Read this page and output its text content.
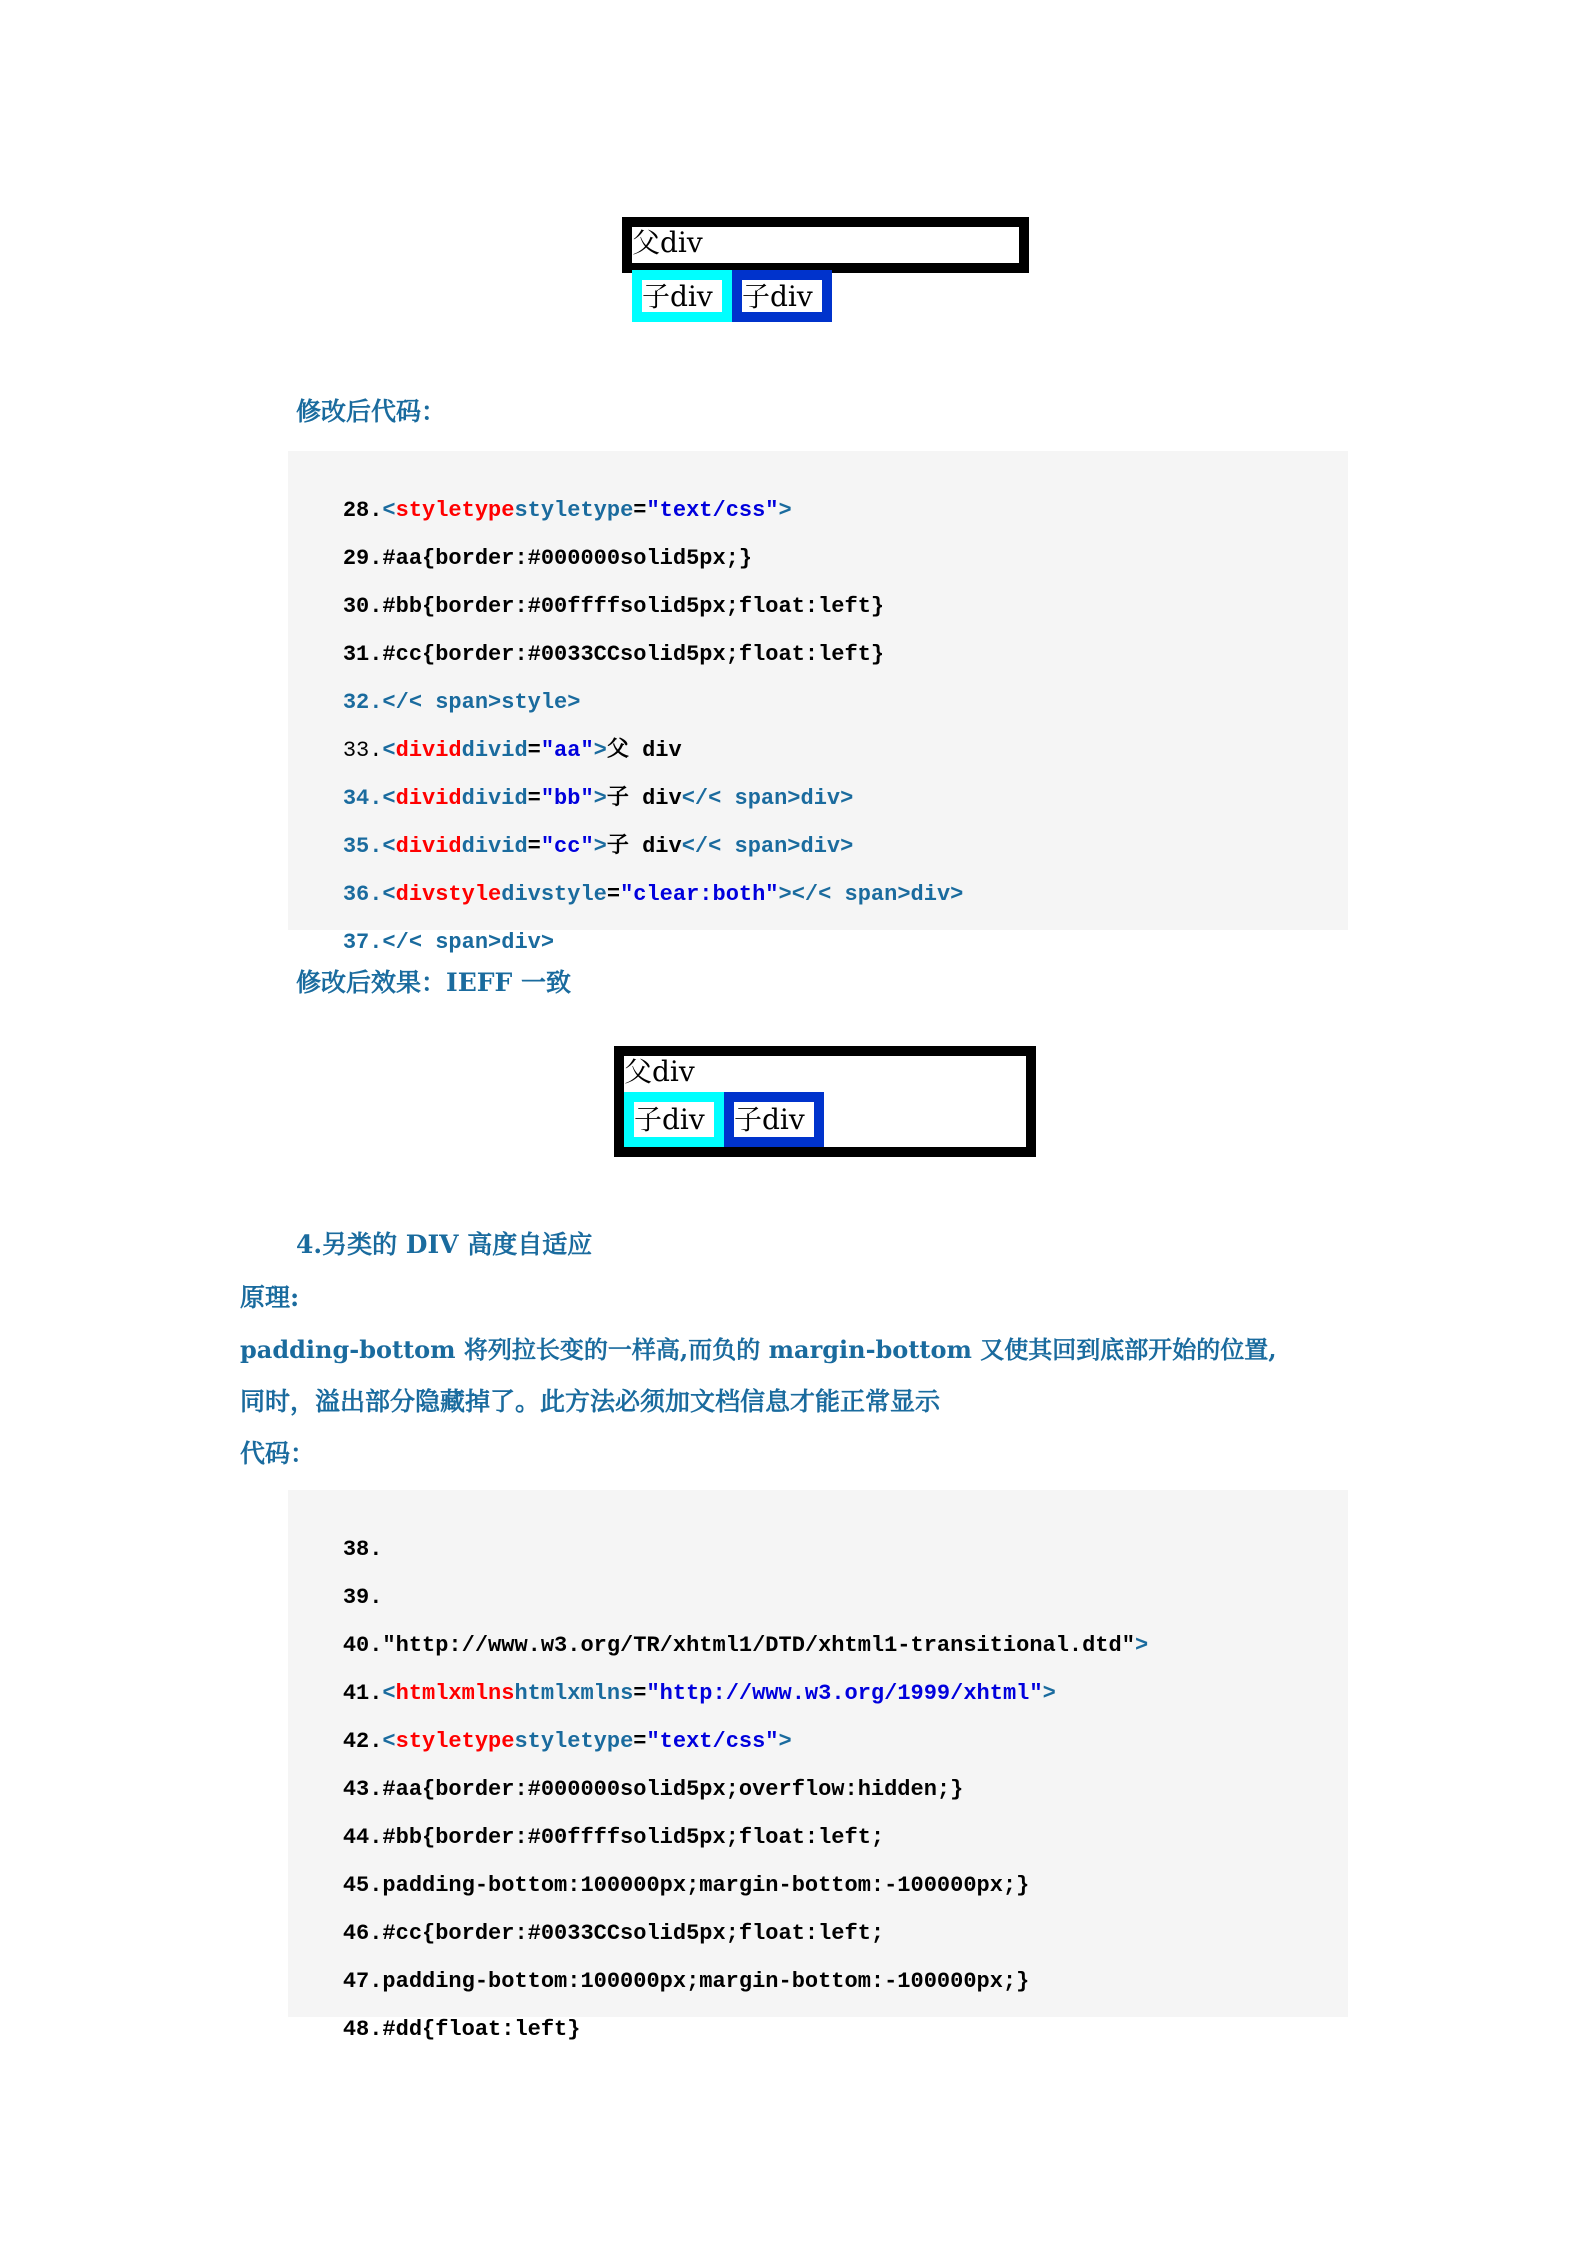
父div
子div	子div
修改后代码：

28.<styletypestyletype="text/css">

29.#aa{border:#000000solid5px;}

30.#bb{border:#00ffffsolid5px;float:left}

31.#cc{border:#0033CCsolid5px;float:left}

32.</< span>style>

33.<dividdivid="aa">父 div

34.<dividdivid="bb">子 div</< span>div>

35.<dividdivid="cc">子 div</< span>div>

36.<divstyledivstyle="clear:both"></< span>div>

37.</< span>div>

修改后效果：IEFF 一致
父div
子div	子div
4.另类的 DIV 高度自适应
原理:
padding-bottom 将列拉长变的一样高,而负的 margin-bottom 又使其回到底部开始的位置,
同时，溢出部分隐藏掉了。此方法必须加文档信息才能正常显示
代码：

38.

39.

40."http://www.w3.org/TR/xhtml1/DTD/xhtml1-transitional.dtd">

41.<htmlxmlnshtmlxmlns="http://www.w3.org/1999/xhtml">

42.<styletypestyletype="text/css">

43.#aa{border:#000000solid5px;overflow:hidden;}

44.#bb{border:#00ffffsolid5px;float:left;

45.padding-bottom:100000px;margin-bottom:-100000px;}

46.#cc{border:#0033CCsolid5px;float:left;

47.padding-bottom:100000px;margin-bottom:-100000px;}

48.#dd{float:left}
